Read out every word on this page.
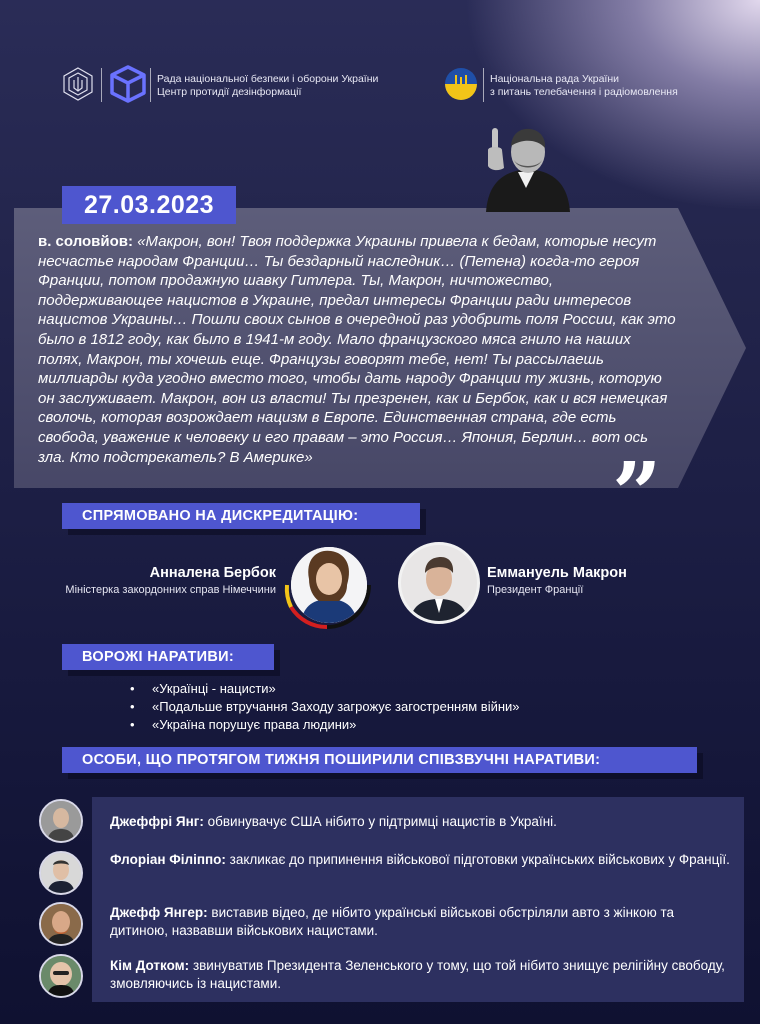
Рада національної безпеки і оборони України
Центр протидії дезінформації
Національна рада України
з питань телебачення і радіомовлення
27.03.2023
в. соловйов: «Макрон, вон! Твоя поддержка Украины привела к бедам, которые несут несчастье народам Франции… Ты бездарный наследник… (Петена) когда-то героя Франции, потом продажную шавку Гитлера. Ты, Макрон, ничтожество, поддерживающее нацистов в Украине, предал интересы Франции ради интересов нацистов Украины… Пошли своих сынов в очередной раз удобрить поля России, как это было в 1812 году, как было в 1941-м году. Мало французского мяса гнило на наших полях, Макрон, ты хочешь еще. Французы говорят тебе, нет! Ты рассылаешь миллиарды куда угодно вместо того, чтобы дать народу Франции ту жизнь, которую он заслуживает. Макрон, вон из власти! Ты презренен, как и Бербок, как и вся немецкая сволочь, которая возрождает нацизм в Европе. Единственная страна, где есть свобода, уважение к человеку и его правам – это Россия… Япония, Берлин… вот ось зла. Кто подстрекатель? В Америке»	”
СПРЯМОВАНО НА ДИСКРЕДИТАЦІЮ:
Анналена Бербок
Міністерка закордонних справ Німеччини
Еммануель Макрон
Президент Франції
ВОРОЖІ НАРАТИВИ:
• «Українці - нацисти»
• «Подальше втручання Заходу загрожує загостренням війни»
• «Україна порушує права людини»
ОСОБИ, ЩО ПРОТЯГОМ ТИЖНЯ ПОШИРИЛИ СПІВЗВУЧНІ НАРАТИВИ:
Джеффрі Янг: обвинувачує США нібито у підтримці нацистів в Україні.
Флоріан Філіппо: закликає до припинення військової підготовки українських військових у Франції.
Джефф Янгер: виставив відео, де нібито українські військові обстріляли авто з жінкою та дитиною, назвавши військових нацистами.
Кім Дотком: звинуватив Президента Зеленського у тому, що той нібито знищує релігійну свободу, змовляючись із нацистами.
